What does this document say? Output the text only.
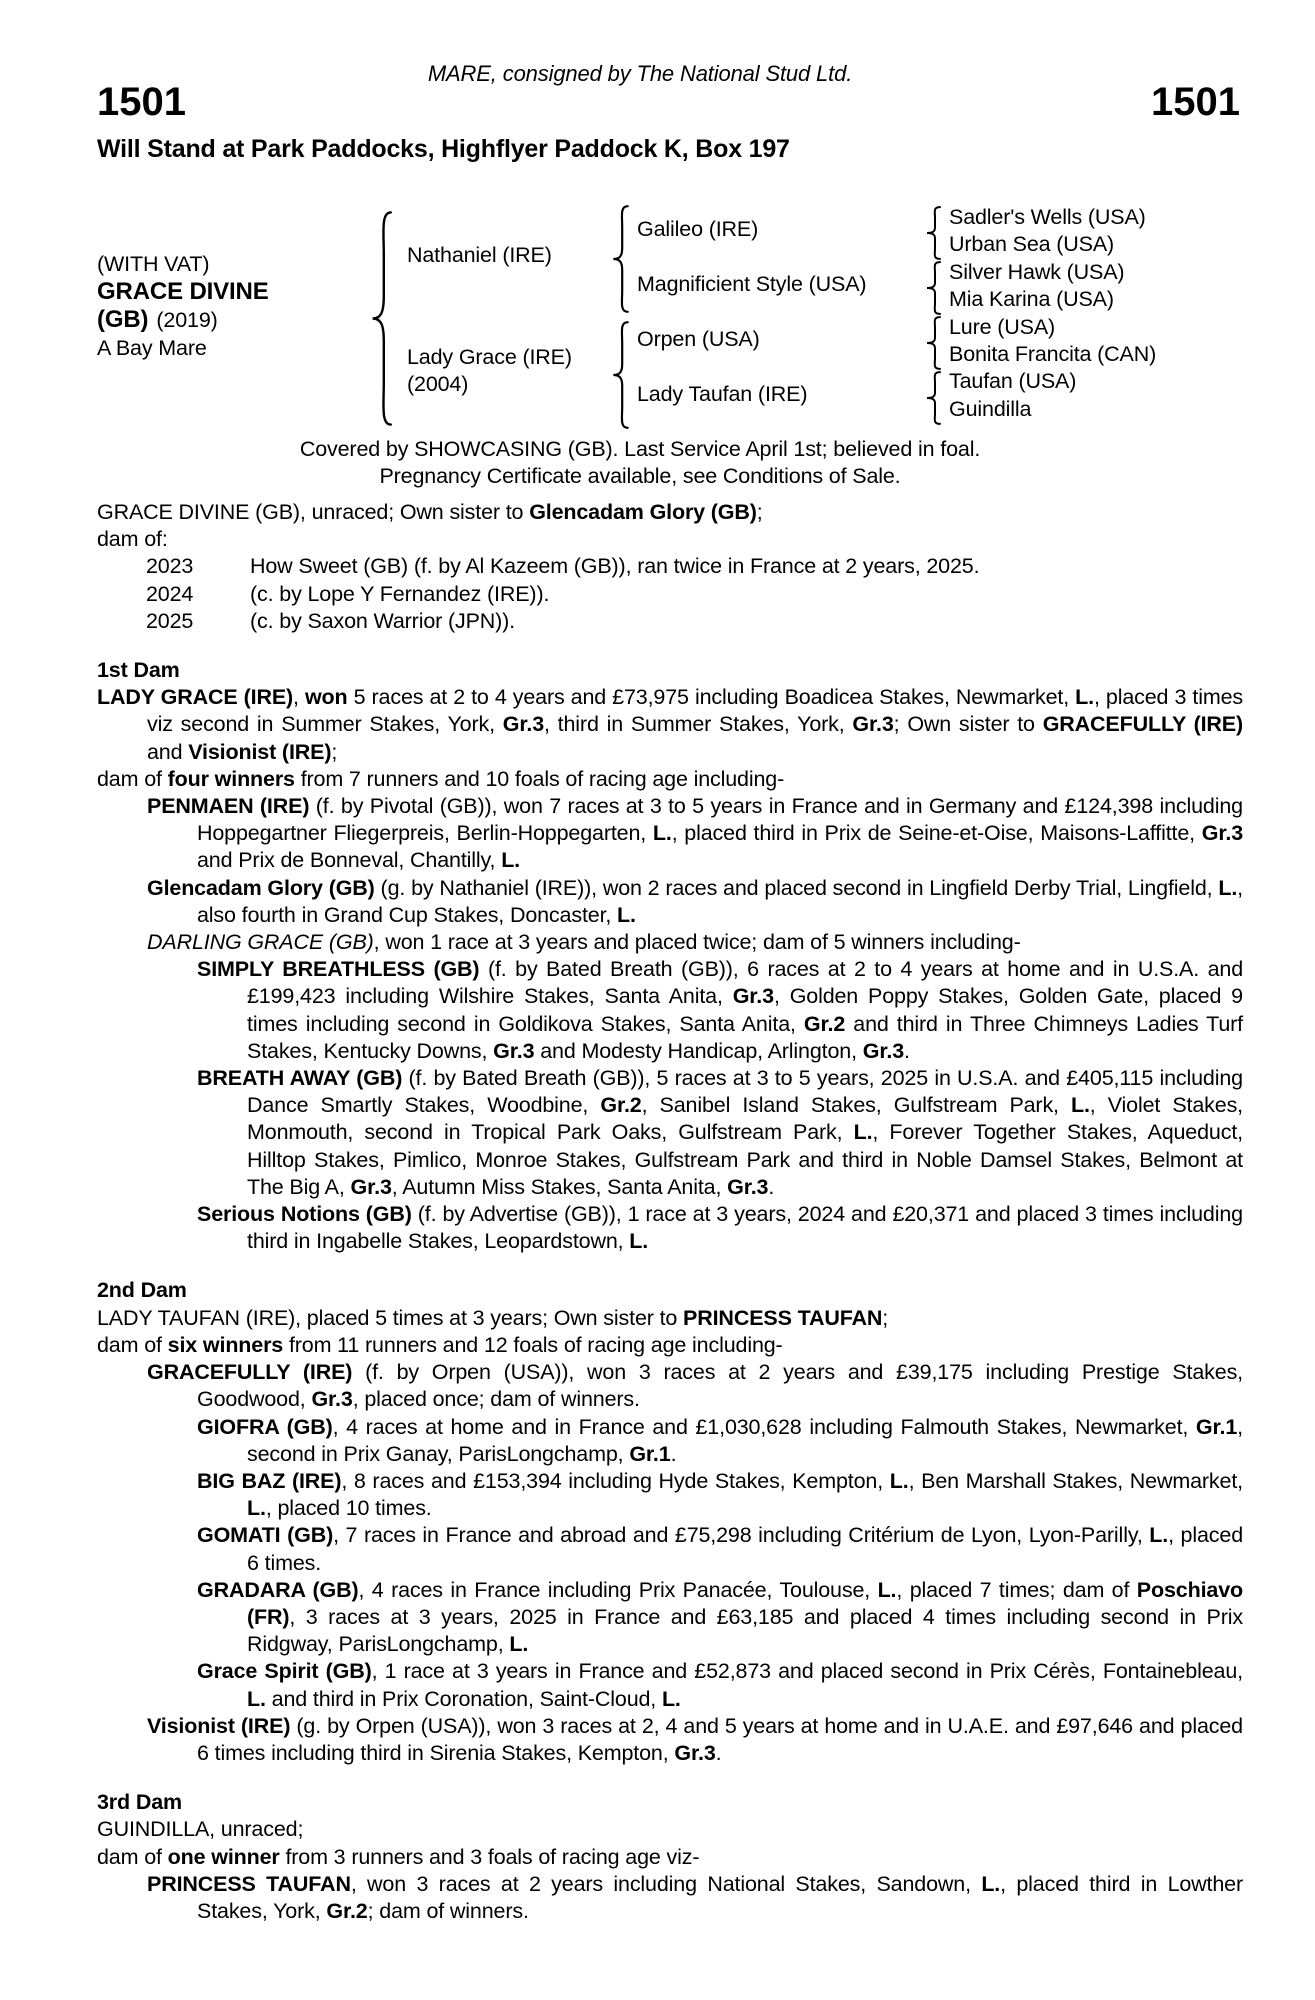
MARE, consigned by The National Stud Ltd.
1501	1501
Will Stand at Park Paddocks, Highflyer Paddock K, Box 197
(WITH VAT)
GRACE DIVINE
(GB) (2019)
A Bay Mare
Nathaniel (IRE)
Lady Grace (IRE)
(2004)
Galileo (IRE)
Magnificient Style (USA)
Orpen (USA)
Lady Taufan (IRE)
Sadler's Wells (USA)
Urban Sea (USA)
Silver Hawk (USA)
Mia Karina (USA)
Lure (USA)
Bonita Francita (CAN)
Taufan (USA)
Guindilla
Covered by SHOWCASING (GB). Last Service April 1st; believed in foal.
Pregnancy Certificate available, see Conditions of Sale.
GRACE DIVINE (GB), unraced; Own sister to Glencadam Glory (GB);
dam of:
2023	How Sweet (GB) (f. by Al Kazeem (GB)), ran twice in France at 2 years, 2025.
2024	(c. by Lope Y Fernandez (IRE)).
2025	(c. by Saxon Warrior (JPN)).
1st Dam
LADY GRACE (IRE), won 5 races at 2 to 4 years and £73,975 including Boadicea Stakes, Newmarket, L., placed 3 times viz second in Summer Stakes, York, Gr.3, third in Summer Stakes, York, Gr.3; Own sister to GRACEFULLY (IRE) and Visionist (IRE);
dam of four winners from 7 runners and 10 foals of racing age including-
PENMAEN (IRE) (f. by Pivotal (GB)), won 7 races at 3 to 5 years in France and in Germany and £124,398 including Hoppegartner Fliegerpreis, Berlin-Hoppegarten, L., placed third in Prix de Seine-et-Oise, Maisons-Laffitte, Gr.3 and Prix de Bonneval, Chantilly, L.
Glencadam Glory (GB) (g. by Nathaniel (IRE)), won 2 races and placed second in Lingfield Derby Trial, Lingfield, L., also fourth in Grand Cup Stakes, Doncaster, L.
DARLING GRACE (GB), won 1 race at 3 years and placed twice; dam of 5 winners including-
SIMPLY BREATHLESS (GB) (f. by Bated Breath (GB)), 6 races at 2 to 4 years at home and in U.S.A. and £199,423 including Wilshire Stakes, Santa Anita, Gr.3, Golden Poppy Stakes, Golden Gate, placed 9 times including second in Goldikova Stakes, Santa Anita, Gr.2 and third in Three Chimneys Ladies Turf Stakes, Kentucky Downs, Gr.3 and Modesty Handicap, Arlington, Gr.3.
BREATH AWAY (GB) (f. by Bated Breath (GB)), 5 races at 3 to 5 years, 2025 in U.S.A. and £405,115 including Dance Smartly Stakes, Woodbine, Gr.2, Sanibel Island Stakes, Gulfstream Park, L., Violet Stakes, Monmouth, second in Tropical Park Oaks, Gulfstream Park, L., Forever Together Stakes, Aqueduct, Hilltop Stakes, Pimlico, Monroe Stakes, Gulfstream Park and third in Noble Damsel Stakes, Belmont at The Big A, Gr.3, Autumn Miss Stakes, Santa Anita, Gr.3.
Serious Notions (GB) (f. by Advertise (GB)), 1 race at 3 years, 2024 and £20,371 and placed 3 times including third in Ingabelle Stakes, Leopardstown, L.
2nd Dam
LADY TAUFAN (IRE), placed 5 times at 3 years; Own sister to PRINCESS TAUFAN;
dam of six winners from 11 runners and 12 foals of racing age including-
GRACEFULLY (IRE) (f. by Orpen (USA)), won 3 races at 2 years and £39,175 including Prestige Stakes, Goodwood, Gr.3, placed once; dam of winners.
GIOFRA (GB), 4 races at home and in France and £1,030,628 including Falmouth Stakes, Newmarket, Gr.1, second in Prix Ganay, ParisLongchamp, Gr.1.
BIG BAZ (IRE), 8 races and £153,394 including Hyde Stakes, Kempton, L., Ben Marshall Stakes, Newmarket, L., placed 10 times.
GOMATI (GB), 7 races in France and abroad and £75,298 including Critérium de Lyon, Lyon-Parilly, L., placed 6 times.
GRADARA (GB), 4 races in France including Prix Panacée, Toulouse, L., placed 7 times; dam of Poschiavo (FR), 3 races at 3 years, 2025 in France and £63,185 and placed 4 times including second in Prix Ridgway, ParisLongchamp, L.
Grace Spirit (GB), 1 race at 3 years in France and £52,873 and placed second in Prix Cérès, Fontainebleau, L. and third in Prix Coronation, Saint-Cloud, L.
Visionist (IRE) (g. by Orpen (USA)), won 3 races at 2, 4 and 5 years at home and in U.A.E. and £97,646 and placed 6 times including third in Sirenia Stakes, Kempton, Gr.3.
3rd Dam
GUINDILLA, unraced;
dam of one winner from 3 runners and 3 foals of racing age viz-
PRINCESS TAUFAN, won 3 races at 2 years including National Stakes, Sandown, L., placed third in Lowther Stakes, York, Gr.2; dam of winners.
